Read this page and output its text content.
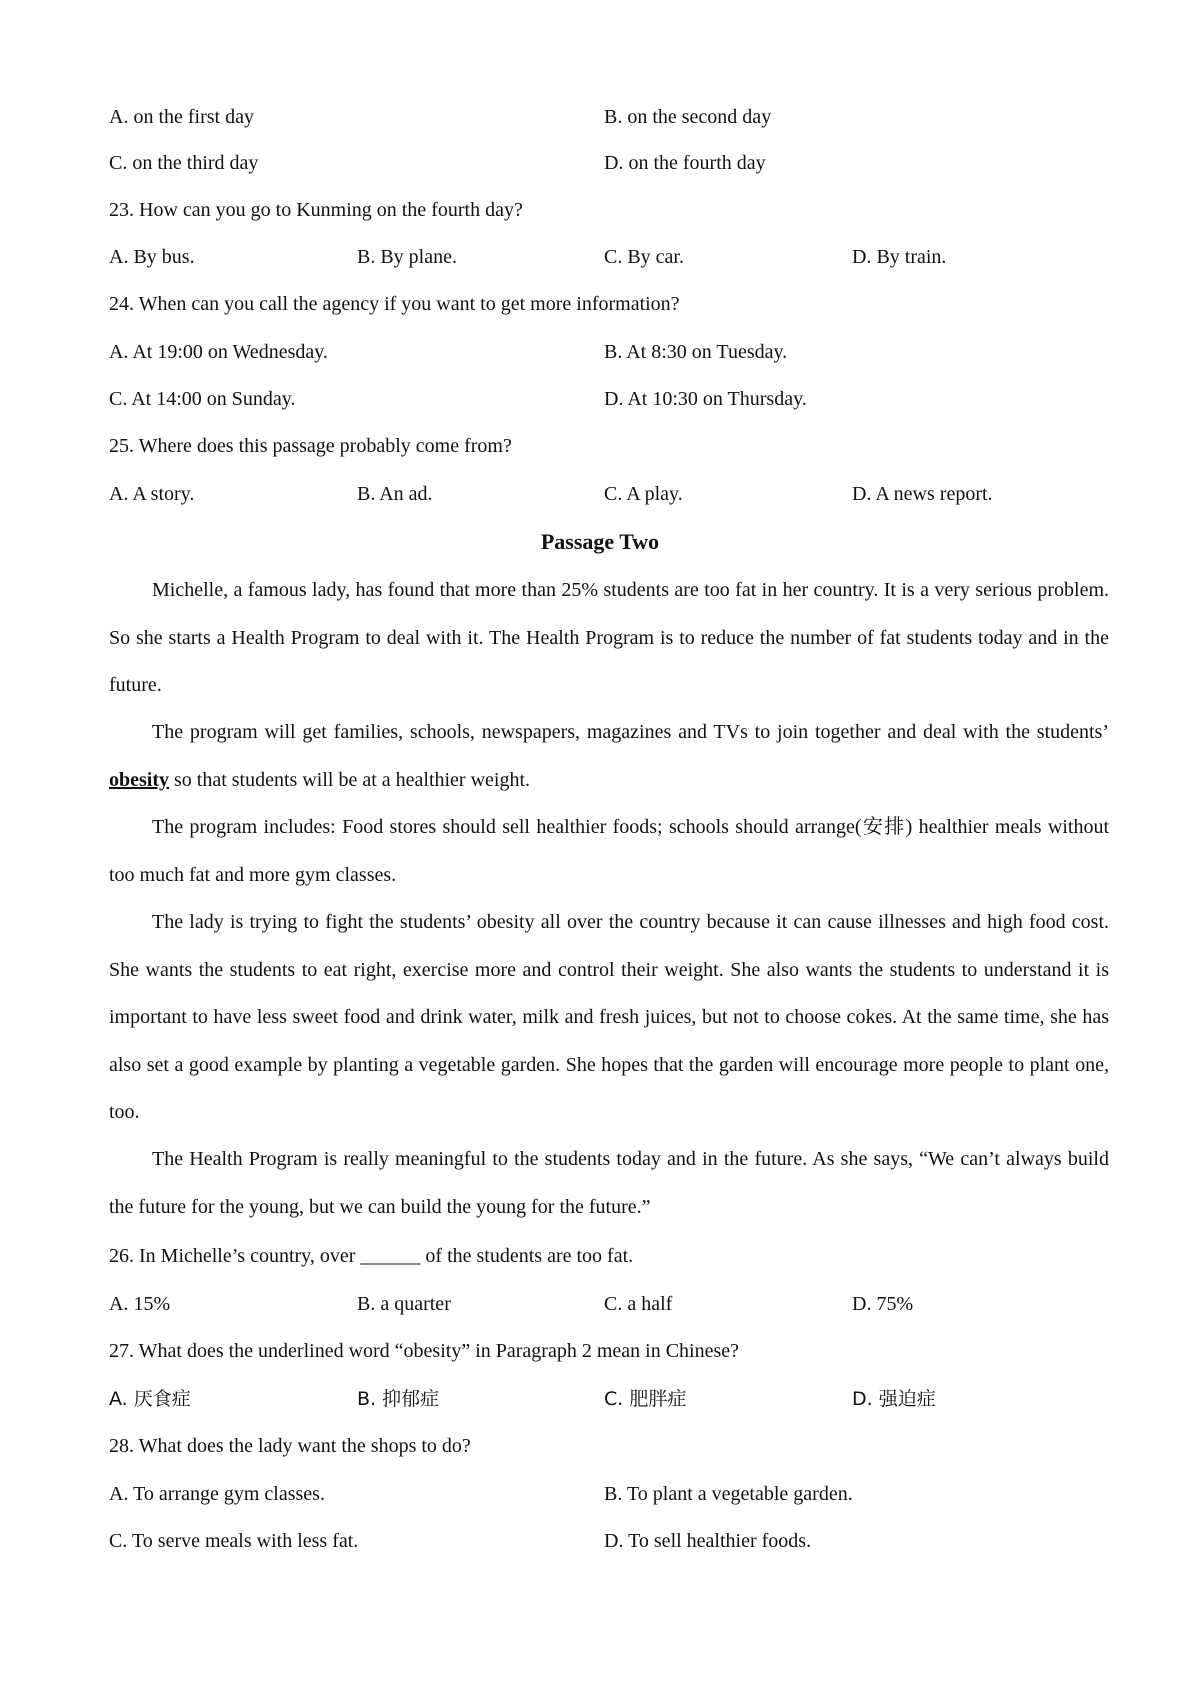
A. on the first day	B. on the second day
C. on the third day	D. on the fourth day
23. How can you go to Kunming on the fourth day?
A. By bus.	B. By plane.	C. By car.	D. By train.
24. When can you call the agency if you want to get more information?
A. At 19:00 on Wednesday.	B. At 8:30 on Tuesday.
C. At 14:00 on Sunday.	D. At 10:30 on Thursday.
25. Where does this passage probably come from?
A. A story.	B. An ad.	C. A play.	D. A news report.
Passage Two
Michelle, a famous lady, has found that more than 25% students are too fat in her country. It is a very serious problem. So she starts a Health Program to deal with it. The Health Program is to reduce the number of fat students today and in the future.
The program will get families, schools, newspapers, magazines and TVs to join together and deal with the students’ obesity so that students will be at a healthier weight.
The program includes: Food stores should sell healthier foods; schools should arrange(安排) healthier meals without too much fat and more gym classes.
The lady is trying to fight the students’ obesity all over the country because it can cause illnesses and high food cost. She wants the students to eat right, exercise more and control their weight. She also wants the students to understand it is important to have less sweet food and drink water, milk and fresh juices, but not to choose cokes. At the same time, she has also set a good example by planting a vegetable garden. She hopes that the garden will encourage more people to plant one, too.
The Health Program is really meaningful to the students today and in the future. As she says, “We can’t always build the future for the young, but we can build the young for the future.”
26. In Michelle’s country, over ______ of the students are too fat.
A. 15%	B. a quarter	C. a half	D. 75%
27. What does the underlined word “obesity” in Paragraph 2 mean in Chinese?
A. 厌食症	B. 抑郁症	C. 肥胖症	D. 强迫症
28. What does the lady want the shops to do?
A. To arrange gym classes.	B. To plant a vegetable garden.
C. To serve meals with less fat.	D. To sell healthier foods.
